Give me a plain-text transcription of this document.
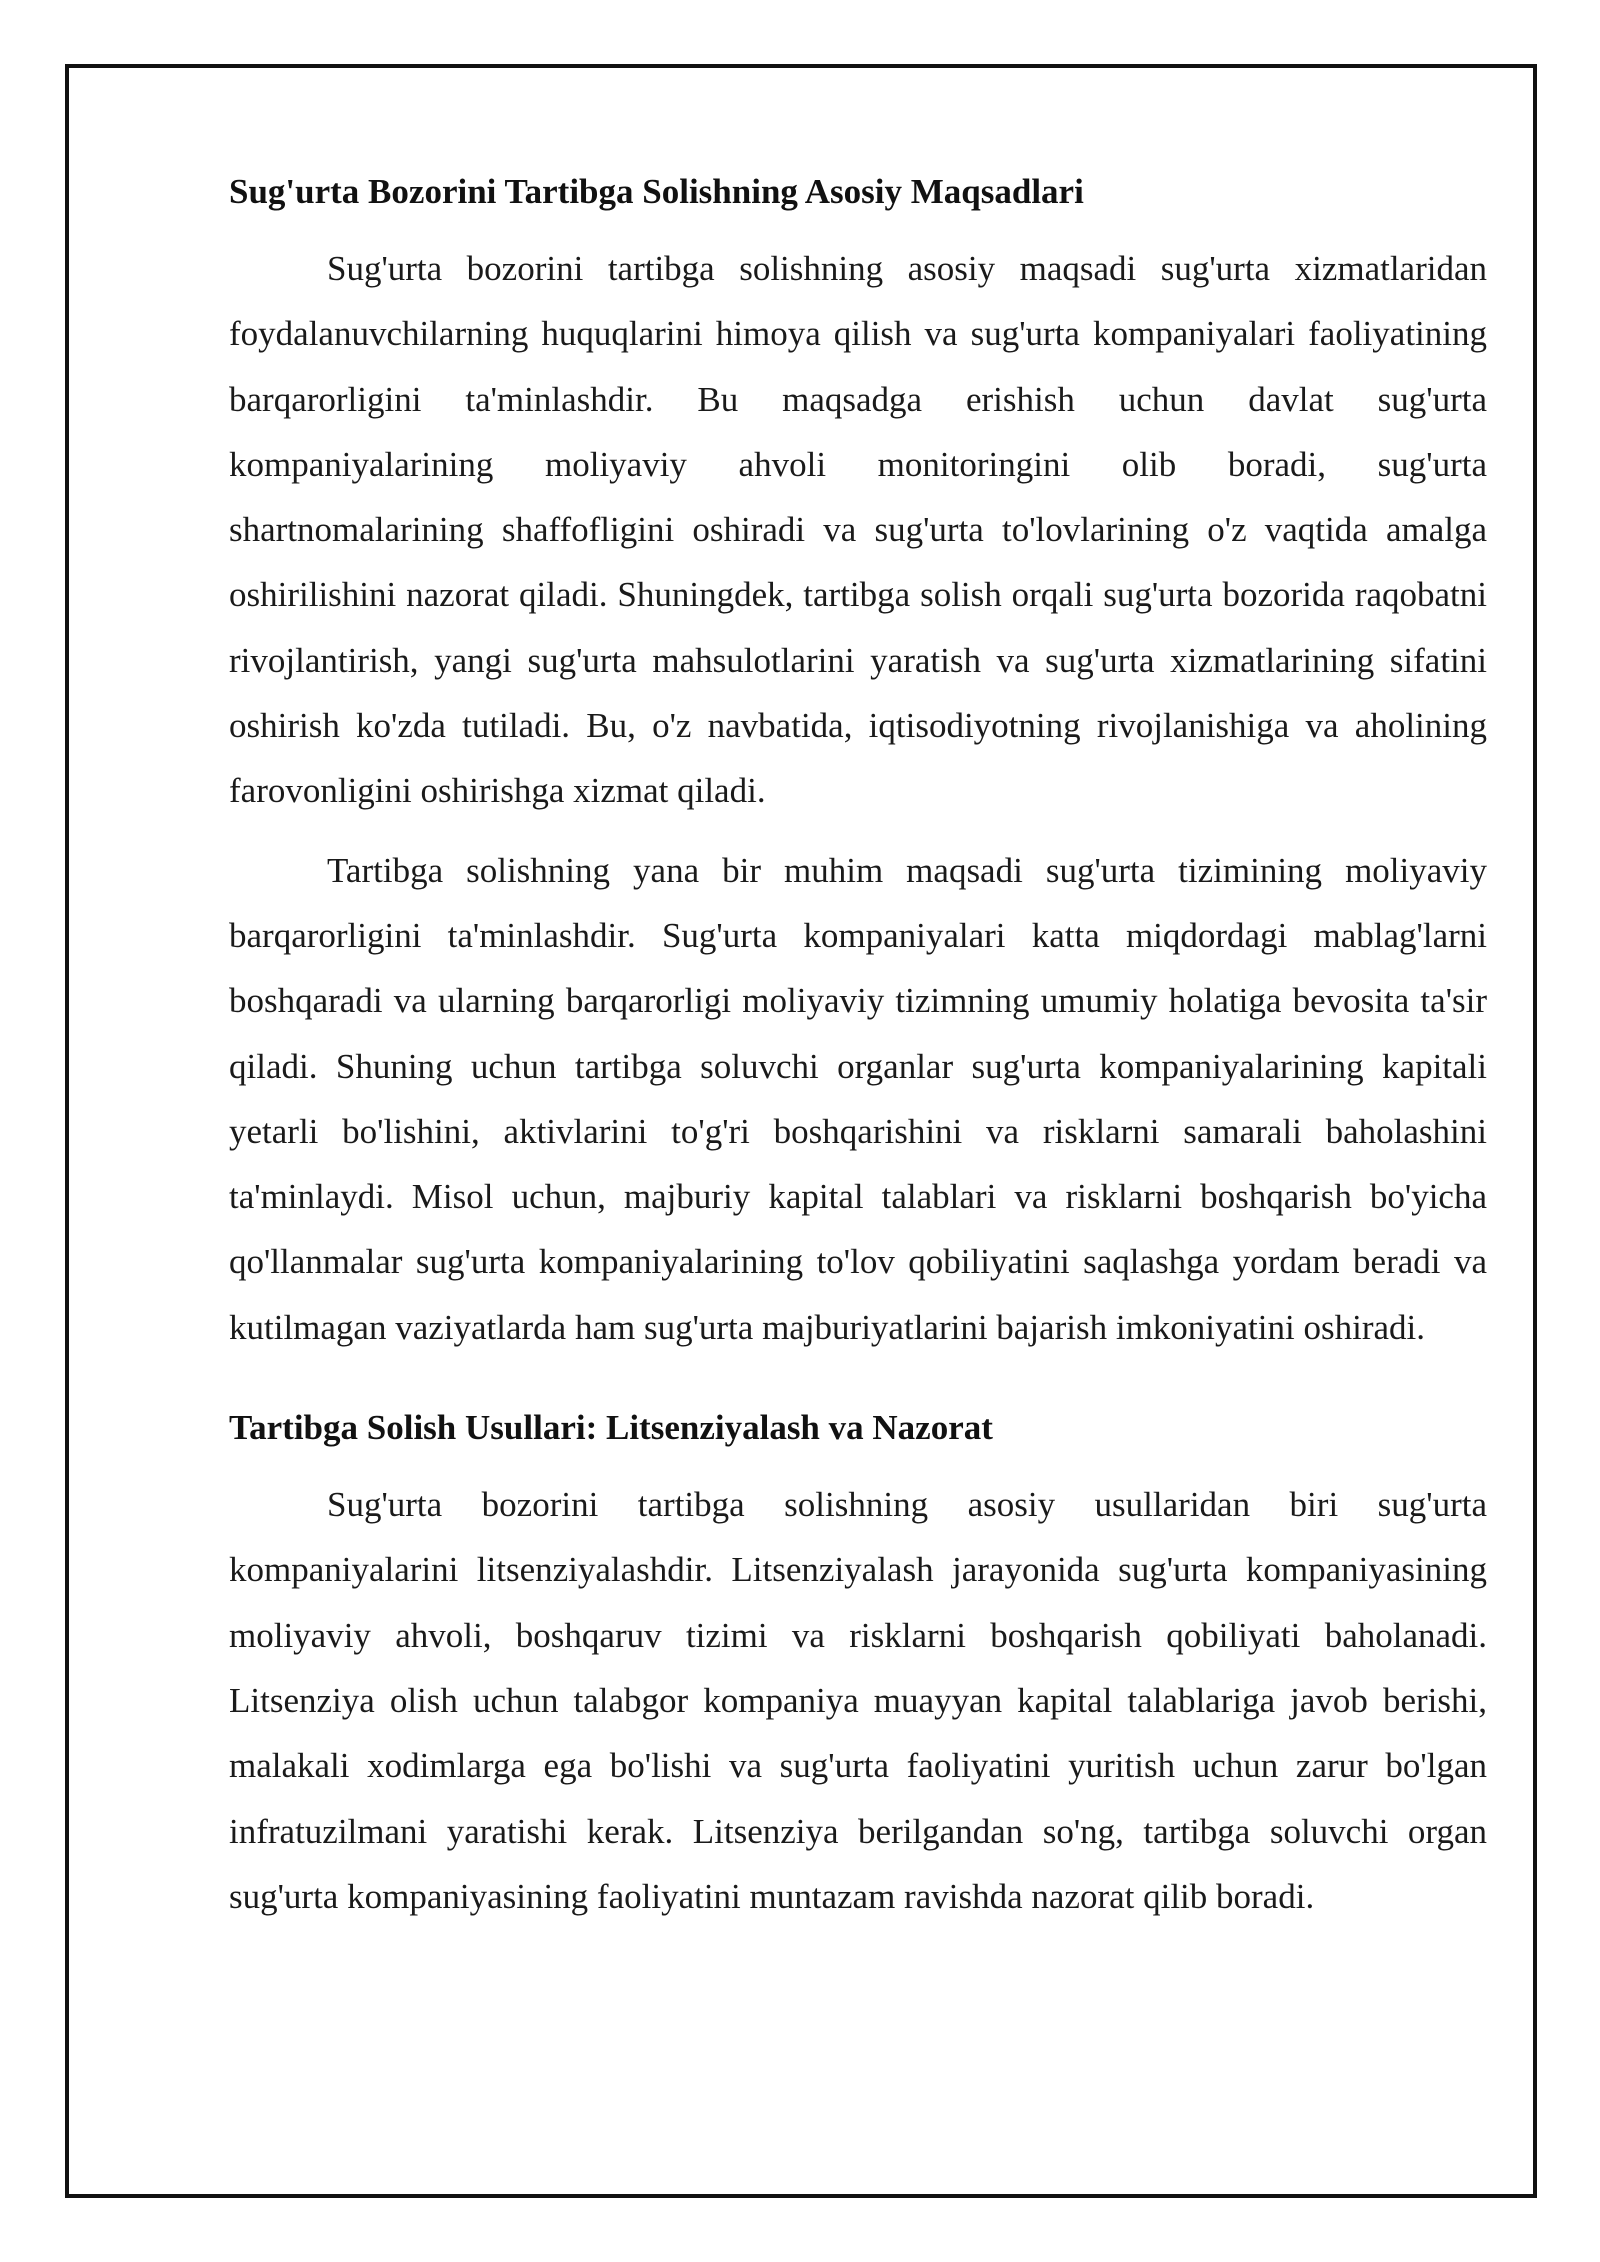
Sug'urta Bozorini Tartibga Solishning Asosiy Maqsadlari

Sug'urta bozorini tartibga solishning asosiy maqsadi sug'urta xizmatlaridan foydalanuvchilarning huquqlarini himoya qilish va sug'urta kompaniyalari faoliyatining barqarorligini ta'minlashdir. Bu maqsadga erishish uchun davlat sug'urta kompaniyalarining moliyaviy ahvoli monitoringini olib boradi, sug'urta shartnomalarining shaffofligini oshiradi va sug'urta to'lovlarining o'z vaqtida amalga oshirilishini nazorat qiladi. Shuningdek, tartibga solish orqali sug'urta bozorida raqobatni rivojlantirish, yangi sug'urta mahsulotlarini yaratish va sug'urta xizmatlarining sifatini oshirish ko'zda tutiladi. Bu, o'z navbatida, iqtisodiyotning rivojlanishiga va aholining farovonligini oshirishga xizmat qiladi.

Tartibga solishning yana bir muhim maqsadi sug'urta tizimining moliyaviy barqarorligini ta'minlashdir. Sug'urta kompaniyalari katta miqdordagi mablag'larni boshqaradi va ularning barqarorligi moliyaviy tizimning umumiy holatiga bevosita ta'sir qiladi. Shuning uchun tartibga soluvchi organlar sug'urta kompaniyalarining kapitali yetarli bo'lishini, aktivlarini to'g'ri boshqarishini va risklarni samarali baholashini ta'minlaydi. Misol uchun, majburiy kapital talablari va risklarni boshqarish bo'yicha qo'llanmalar sug'urta kompaniyalarining to'lov qobiliyatini saqlashga yordam beradi va kutilmagan vaziyatlarda ham sug'urta majburiyatlarini bajarish imkoniyatini oshiradi.

Tartibga Solish Usullari: Litsenziyalash va Nazorat

Sug'urta bozorini tartibga solishning asosiy usullaridan biri sug'urta kompaniyalarini litsenziyalashdir. Litsenziyalash jarayonida sug'urta kompaniyasining moliyaviy ahvoli, boshqaruv tizimi va risklarni boshqarish qobiliyati baholanadi. Litsenziya olish uchun talabgor kompaniya muayyan kapital talablariga javob berishi, malakali xodimlarga ega bo'lishi va sug'urta faoliyatini yuritish uchun zarur bo'lgan infratuzilmani yaratishi kerak. Litsenziya berilgandan so'ng, tartibga soluvchi organ sug'urta kompaniyasining faoliyatini muntazam ravishda nazorat qilib boradi.
